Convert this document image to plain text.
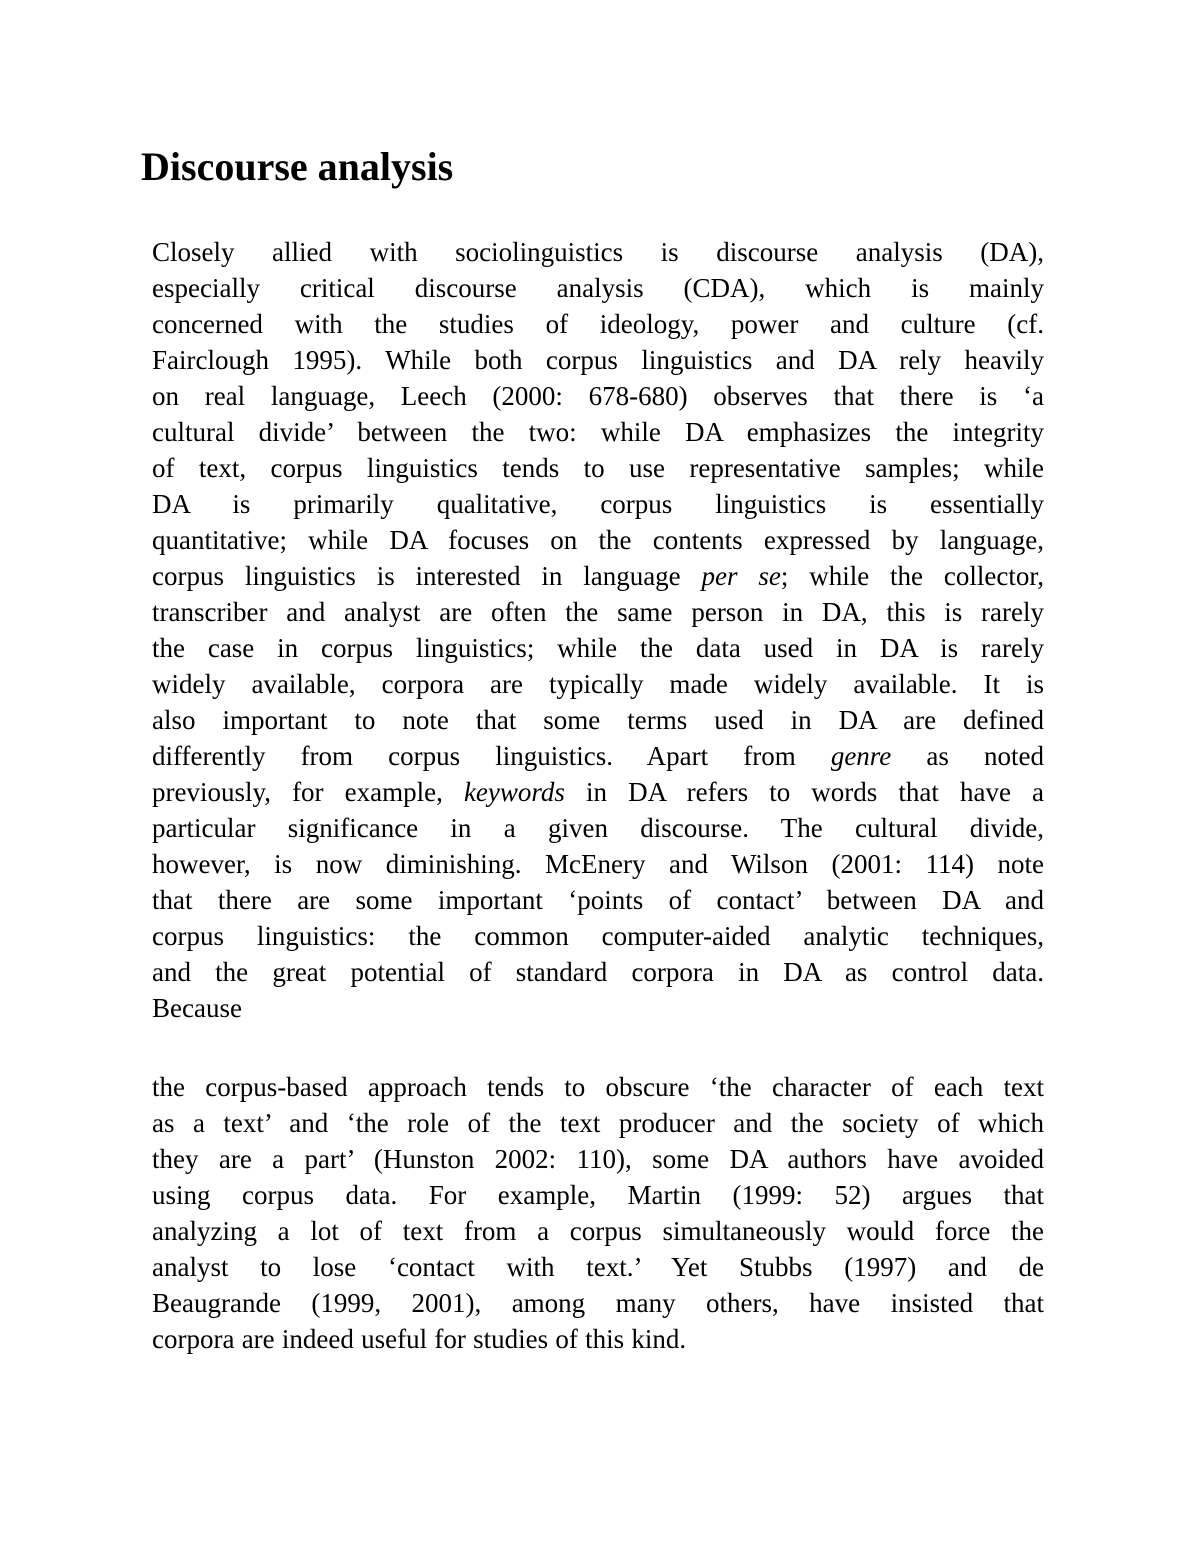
Discourse analysis

Closely allied with sociolinguistics is discourse analysis (DA),
especially critical discourse analysis (CDA), which is mainly
concerned with the studies of ideology, power and culture (cf.
Fairclough 1995). While both corpus linguistics and DA rely heavily
on real language, Leech (2000: 678-680) observes that there is ‘a
cultural divide’ between the two: while DA emphasizes the integrity
of text, corpus linguistics tends to use representative samples; while
DA is primarily qualitative, corpus linguistics is essentially
quantitative; while DA focuses on the contents expressed by language,
corpus linguistics is interested in language per se; while the collector,
transcriber and analyst are often the same person in DA, this is rarely
the case in corpus linguistics; while the data used in DA is rarely
widely available, corpora are typically made widely available. It is
also important to note that some terms used in DA are defined
differently from corpus linguistics. Apart from genre as noted
previously, for example, keywords in DA refers to words that have a
particular significance in a given discourse. The cultural divide,
however, is now diminishing. McEnery and Wilson (2001: 114) note
that there are some important ‘points of contact’ between DA and
corpus linguistics: the common computer-aided analytic techniques,
and the great potential of standard corpora in DA as control data.
Because

the corpus-based approach tends to obscure ‘the character of each text
as a text’ and ‘the role of the text producer and the society of which
they are a part’ (Hunston 2002: 110), some DA authors have avoided
using corpus data. For example, Martin (1999: 52) argues that
analyzing a lot of text from a corpus simultaneously would force the
analyst to lose ‘contact with text.’ Yet Stubbs (1997) and de
Beaugrande (1999, 2001), among many others, have insisted that
corpora are indeed useful for studies of this kind.
